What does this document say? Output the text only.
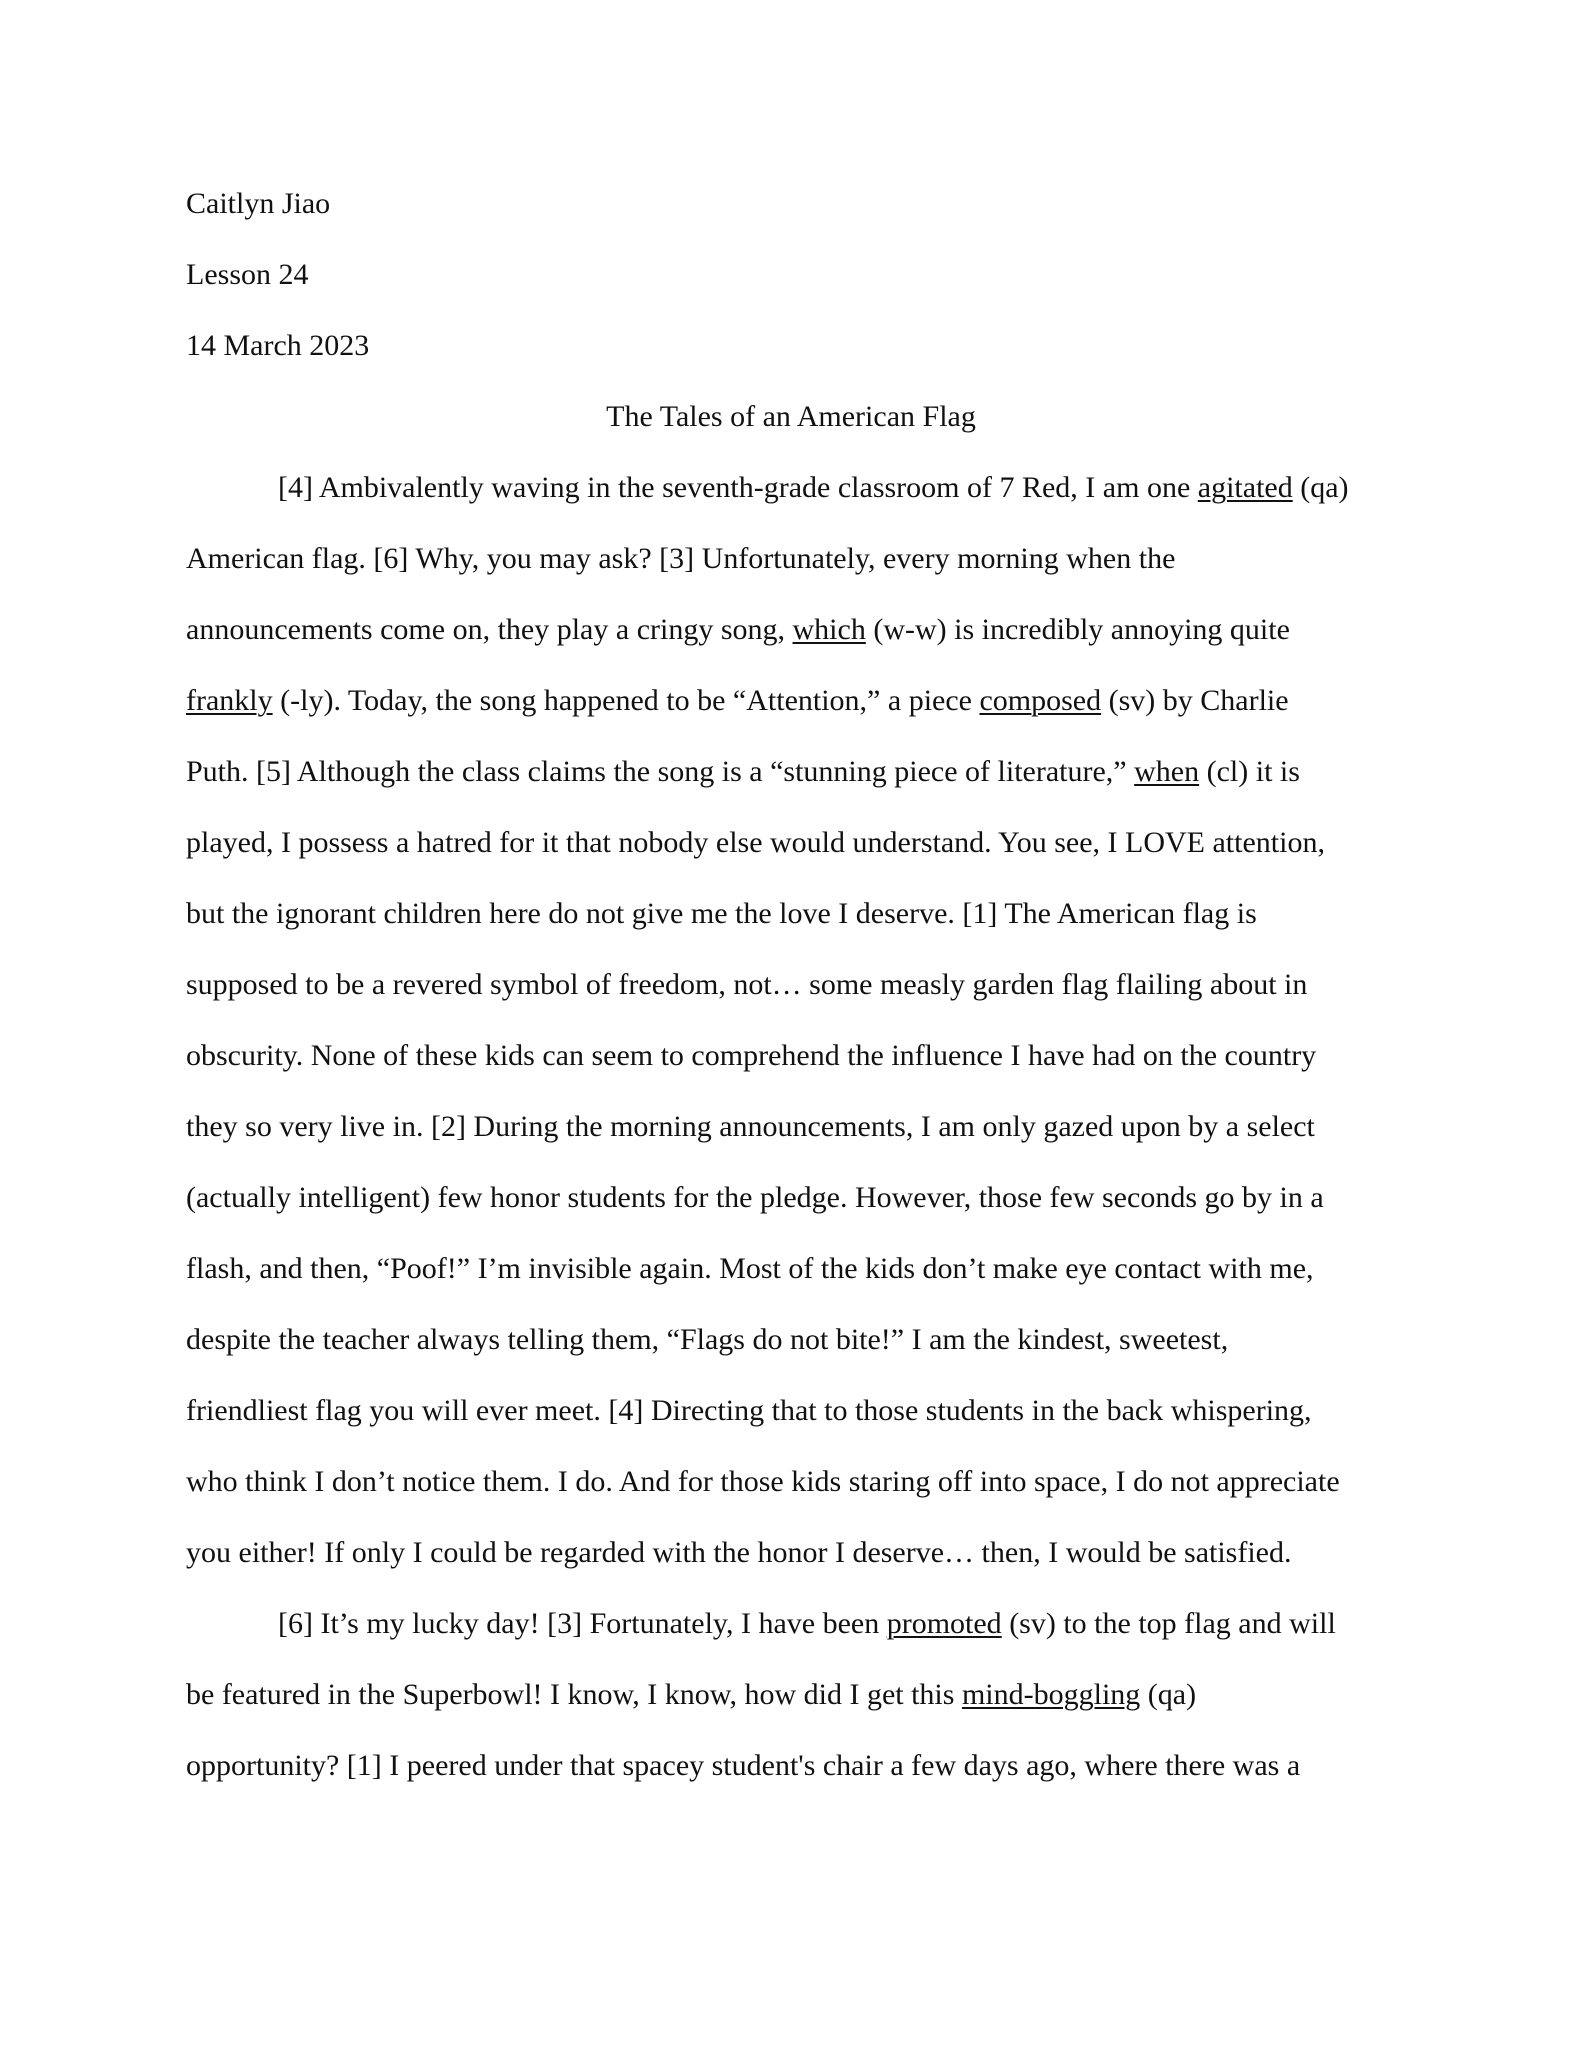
Caitlyn Jiao
Lesson 24
14 March 2023
The Tales of an American Flag
[4] Ambivalently waving in the seventh-grade classroom of 7 Red, I am one agitated (qa)
American flag. [6] Why, you may ask? [3] Unfortunately, every morning when the
announcements come on, they play a cringy song, which (w-w) is incredibly annoying quite
frankly (-ly). Today, the song happened to be “Attention,” a piece composed (sv) by Charlie
Puth. [5] Although the class claims the song is a “stunning piece of literature,” when (cl) it is
played, I possess a hatred for it that nobody else would understand. You see, I LOVE attention,
but the ignorant children here do not give me the love I deserve. [1] The American flag is
supposed to be a revered symbol of freedom, not… some measly garden flag flailing about in
obscurity. None of these kids can seem to comprehend the influence I have had on the country
they so very live in. [2] During the morning announcements, I am only gazed upon by a select
(actually intelligent) few honor students for the pledge. However, those few seconds go by in a
flash, and then, “Poof!” I’m invisible again. Most of the kids don’t make eye contact with me,
despite the teacher always telling them, “Flags do not bite!” I am the kindest, sweetest,
friendliest flag you will ever meet. [4] Directing that to those students in the back whispering,
who think I don’t notice them. I do. And for those kids staring off into space, I do not appreciate
you either! If only I could be regarded with the honor I deserve… then, I would be satisfied.
[6] It’s my lucky day! [3] Fortunately, I have been promoted (sv) to the top flag and will
be featured in the Superbowl! I know, I know, how did I get this mind-boggling (qa)
opportunity? [1] I peered under that spacey student's chair a few days ago, where there was a
